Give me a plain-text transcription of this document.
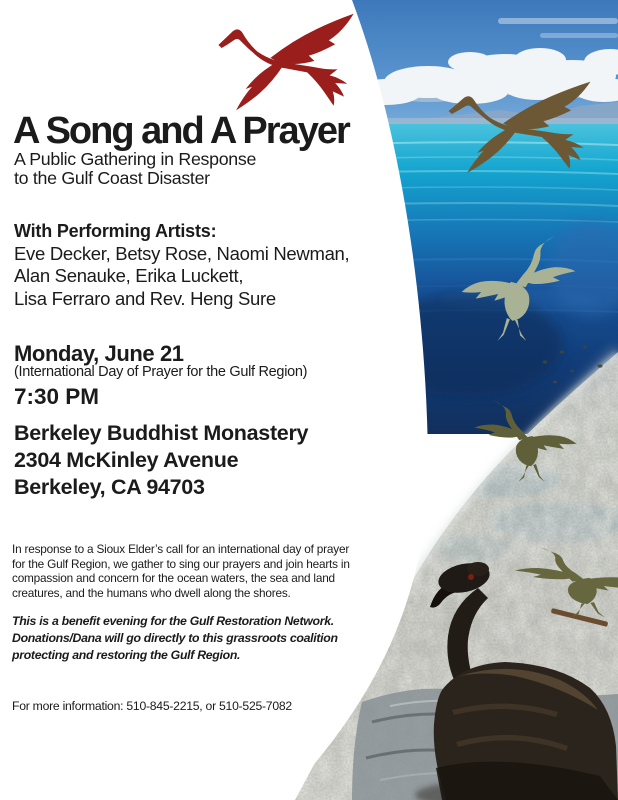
A Song and A Prayer
A Public Gathering in Response
to the Gulf Coast Disaster
With Performing Artists:
Eve Decker, Betsy Rose, Naomi Newman,
Alan Senauke, Erika Luckett,
Lisa Ferraro and Rev. Heng Sure
Monday, June 21
(International Day of Prayer for the Gulf Region)
7:30 PM
Berkeley Buddhist Monastery
2304 McKinley Avenue
Berkeley, CA 94703
In response to a Sioux Elder’s call for an international day of prayer
for the Gulf Region, we gather to sing our prayers and join hearts in
compassion and concern for the ocean waters, the sea and land
creatures, and the humans who dwell along the shores.
This is a benefit evening for the Gulf Restoration Network.
Donations/Dana will go directly to this grassroots coalition
protecting and restoring the Gulf Region.
For more information: 510-845-2215, or 510-525-7082
